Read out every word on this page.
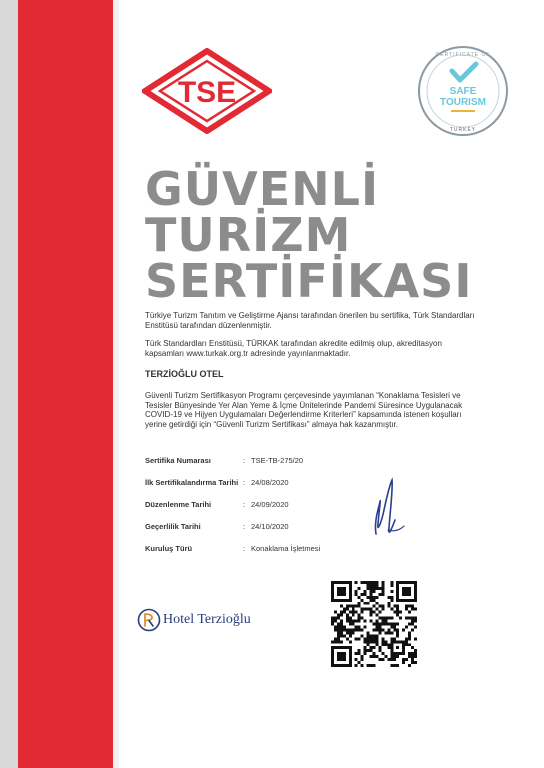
TSE
CERTIFICATE OF
SAFE
TOURISM
TURKEY
GÜVENLİ
TURİZM
SERTİFİKASI

Türkiye Turizm Tanıtım ve Geliştirme Ajansı tarafından önerilen bu sertifika, Türk Standardları Enstitüsü tarafından düzenlenmiştir.

Türk Standardları Enstitüsü, TÜRKAK tarafından akredite edilmiş olup, akreditasyon kapsamları www.turkak.org.tr adresinde yayınlanmaktadır.

TERZİOĞLU OTEL

Güvenli Turizm Sertifikasyon Programı çerçevesinde yayımlanan “Konaklama Tesisleri ve Tesisler Bünyesinde Yer Alan Yeme & İçme Ünitelerinde Pandemi Süresince Uygulanacak COVID-19 ve Hijyen Uygulamaları Değerlendirme Kriterleri” kapsamında istenen koşulları yerine getirdiği için “Güvenli Turizm Sertifikası” almaya hak kazanmıştır.

Sertifika Numarası	: TSE-TB-275/20
İlk Sertifikalandırma Tarihi : 24/08/2020
Düzenlenme Tarihi	: 24/09/2020
Geçerlilik Tarihi	: 24/10/2020
Kuruluş Türü	: Konaklama İşletmesi
Hotel Terzioğlu
